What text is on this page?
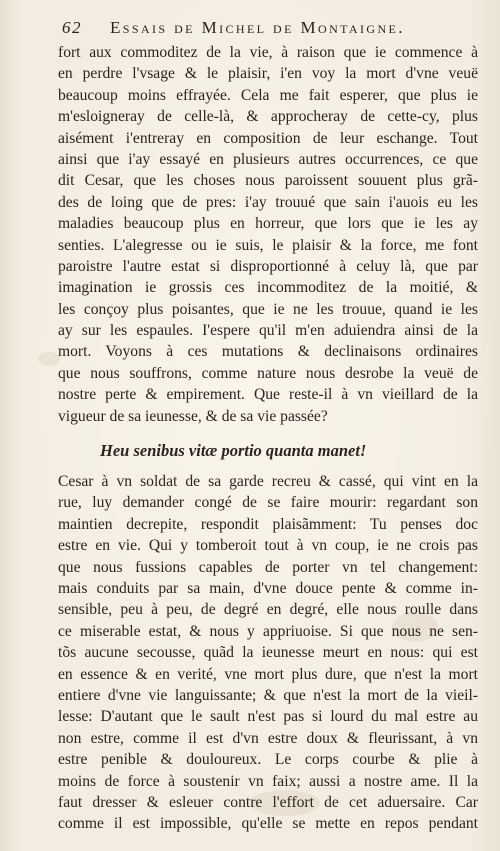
62 Essais de Michel de Montaigne.
fort aux commoditez de la vie, à raison que ie commence à
en perdre l'vsage & le plaisir, i'en voy la mort d'vne veuë
beaucoup moins effrayée. Cela me fait esperer, que plus ie
m'esloigneray de celle-là, & approcheray de cette-cy, plus
aisément i'entreray en composition de leur eschange. Tout
ainsi que i'ay essayé en plusieurs autres occurrences, ce que
dit Cesar, que les choses nous paroissent souuent plus grã-
des de loing que de pres: i'ay trouué que sain i'auois eu les
maladies beaucoup plus en horreur, que lors que ie les ay
senties. L'alegresse ou ie suis, le plaisir & la force, me font
paroistre l'autre estat si disproportionné à celuy là, que par
imagination ie grossis ces incommoditez de la moitié, &
les conçoy plus poisantes, que ie ne les trouue, quand ie les
ay sur les espaules. I'espere qu'il m'en aduiendra ainsi de la
mort. Voyons à ces mutations & declinaisons ordinaires
que nous souffrons, comme nature nous desrobe la veuë de
nostre perte & empirement. Que reste-il à vn vieillard de la
vigueur de sa ieunesse, & de sa vie passée?
Heu senibus vitæ portio quanta manet!
Cesar à vn soldat de sa garde recreu & cassé, qui vint en la
rue, luy demander congé de se faire mourir: regardant son
maintien decrepite, respondit plaisãmment: Tu penses doc
estre en vie. Qui y tomberoit tout à vn coup, ie ne crois pas
que nous fussions capables de porter vn tel changement:
mais conduits par sa main, d'vne douce pente & comme in-
sensible, peu à peu, de degré en degré, elle nous roulle dans
ce miserable estat, & nous y appriuoise. Si que nous ne sen-
tõs aucune secousse, quãd la ieunesse meurt en nous: qui est
en essence & en verité, vne mort plus dure, que n'est la mort
entiere d'vne vie languissante; & que n'est la mort de la vieil-
lesse: D'autant que le sault n'est pas si lourd du mal estre au
non estre, comme il est d'vn estre doux & fleurissant, à vn
estre penible & douloureux. Le corps courbe & plie à
moins de force à soustenir vn faix; aussi a nostre ame. Il la
faut dresser & esleuer contre l'effort de cet aduersaire. Car
comme il est impossible, qu'elle se mette en repos pendant
